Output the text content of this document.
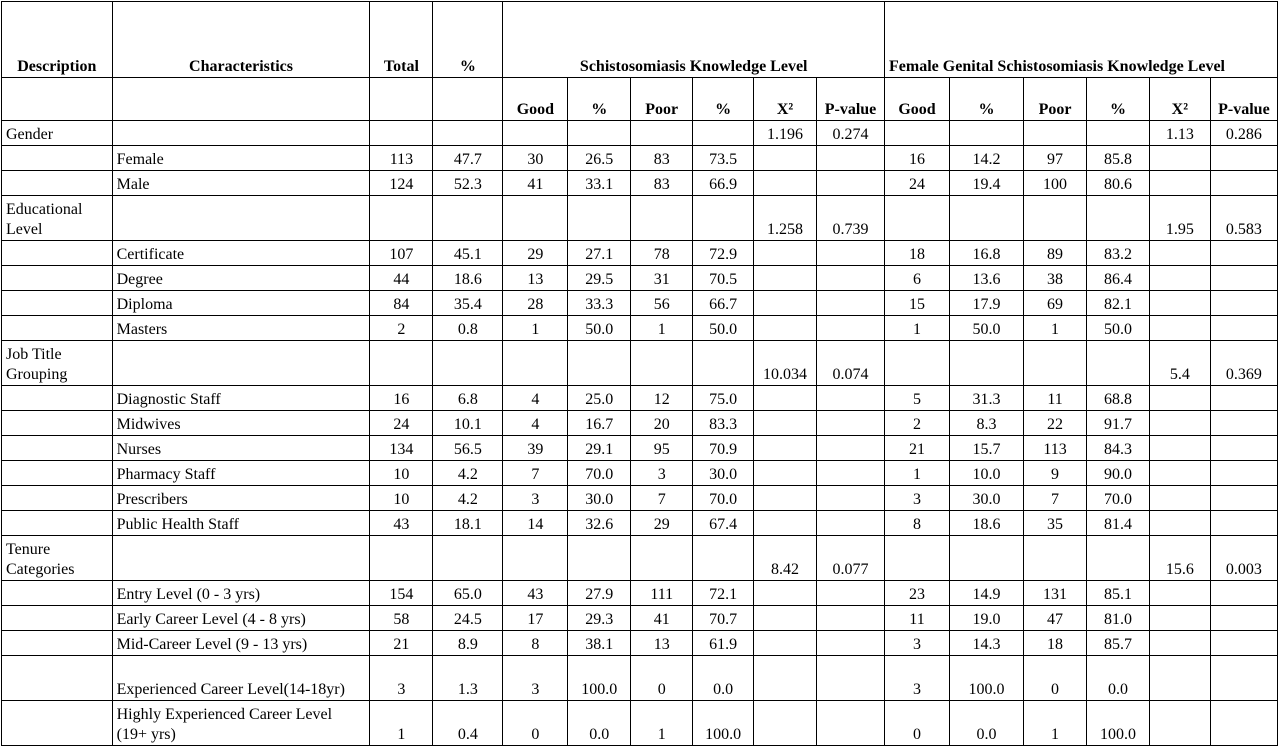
Description	Characteristics	Total	%	Schistosomiasis Knowledge Level						Female Genital Schistosomiasis Knowledge Level					
				Good	%	Poor	%	X²	P-value	Good	%	Poor	%	X²	P-value
Gender								1.196	0.274					1.13	0.286
	Female	113	47.7	30	26.5	83	73.5			16	14.2	97	85.8		
	Male	124	52.3	41	33.1	83	66.9			24	19.4	100	80.6		
Educational Level								1.258	0.739					1.95	0.583
	Certificate	107	45.1	29	27.1	78	72.9			18	16.8	89	83.2		
	Degree	44	18.6	13	29.5	31	70.5			6	13.6	38	86.4		
	Diploma	84	35.4	28	33.3	56	66.7			15	17.9	69	82.1		
	Masters	2	0.8	1	50.0	1	50.0			1	50.0	1	50.0		
Job Title Grouping								10.034	0.074					5.4	0.369
	Diagnostic Staff	16	6.8	4	25.0	12	75.0			5	31.3	11	68.8		
	Midwives	24	10.1	4	16.7	20	83.3			2	8.3	22	91.7		
	Nurses	134	56.5	39	29.1	95	70.9			21	15.7	113	84.3		
	Pharmacy Staff	10	4.2	7	70.0	3	30.0			1	10.0	9	90.0		
	Prescribers	10	4.2	3	30.0	7	70.0			3	30.0	7	70.0		
	Public Health Staff	43	18.1	14	32.6	29	67.4			8	18.6	35	81.4		
Tenure Categories								8.42	0.077					15.6	0.003
	Entry Level (0 - 3 yrs)	154	65.0	43	27.9	111	72.1			23	14.9	131	85.1		
	Early Career Level (4 - 8 yrs)	58	24.5	17	29.3	41	70.7			11	19.0	47	81.0		
	Mid-Career Level (9 - 13 yrs)	21	8.9	8	38.1	13	61.9			3	14.3	18	85.7		
	Experienced Career Level(14-18yr)	3	1.3	3	100.0	0	0.0			3	100.0	0	0.0		
	Highly Experienced Career Level (19+ yrs)	1	0.4	0	0.0	1	100.0			0	0.0	1	100.0		
